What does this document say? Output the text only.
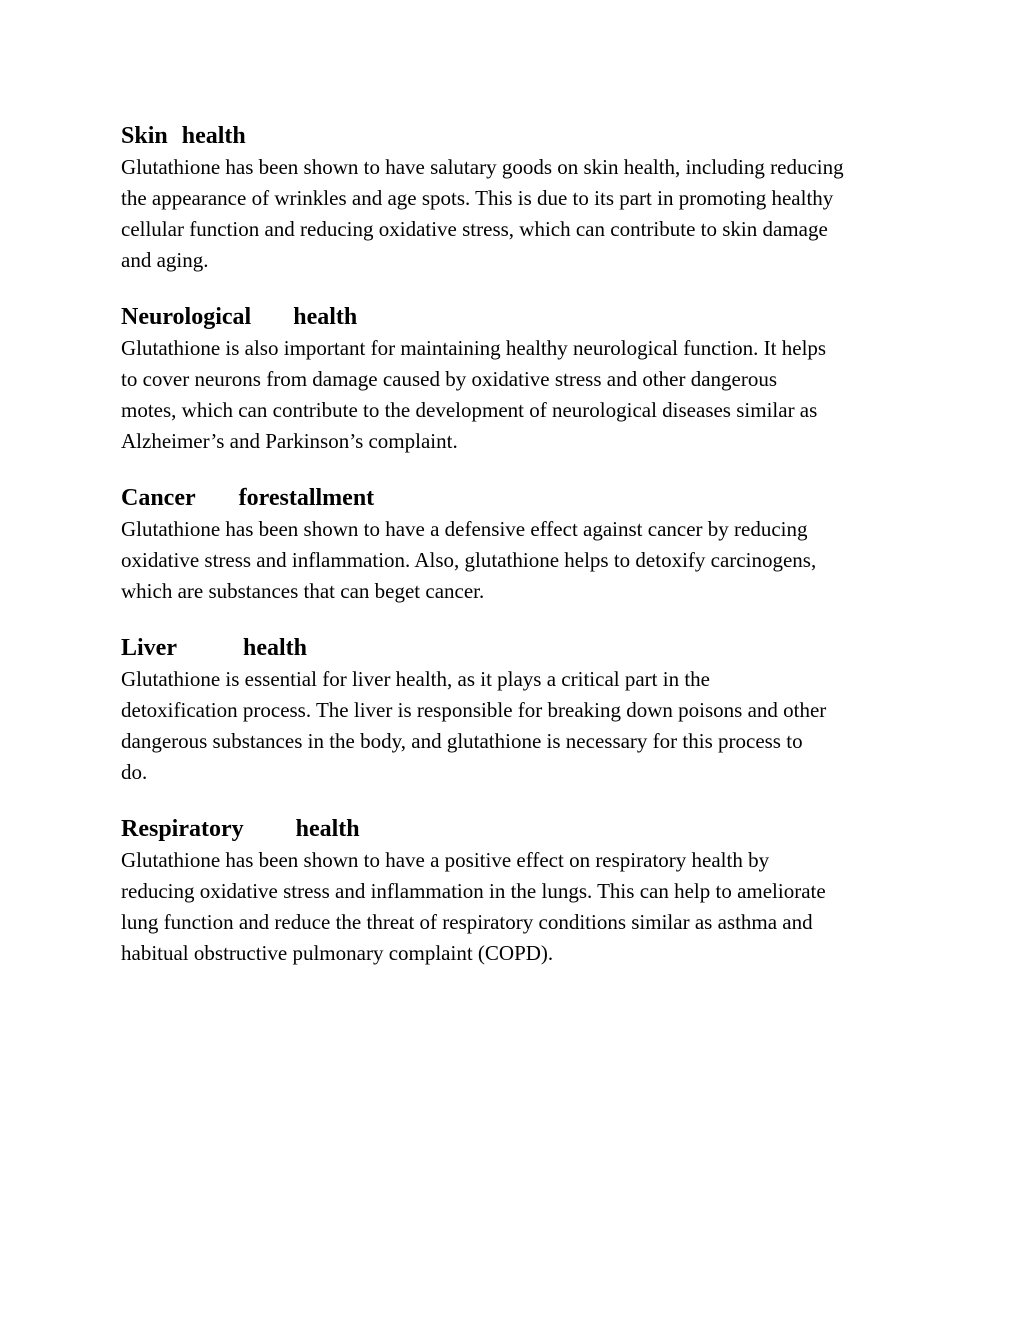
Skin health

Glutathione has been shown to have salutary goods on skin health, including reducing
the appearance of wrinkles and age spots. This is due to its part in promoting healthy
cellular function and reducing oxidative stress, which can contribute to skin damage
and aging.

Neurological health

Glutathione is also important for maintaining healthy neurological function. It helps
to cover neurons from damage caused by oxidative stress and other dangerous
motes, which can contribute to the development of neurological diseases similar as
Alzheimer’s and Parkinson’s complaint.

Cancer forestallment

Glutathione has been shown to have a defensive effect against cancer by reducing
oxidative stress and inflammation. Also, glutathione helps to detoxify carcinogens,
which are substances that can beget cancer.

Liver	health

Glutathione is essential for liver health, as it plays a critical part in the
detoxification process. The liver is responsible for breaking down poisons and other
dangerous substances in the body, and glutathione is necessary for this process to
do.

Respiratory health

Glutathione has been shown to have a positive effect on respiratory health by
reducing oxidative stress and inflammation in the lungs. This can help to ameliorate
lung function and reduce the threat of respiratory conditions similar as asthma and
habitual obstructive pulmonary complaint (COPD).
